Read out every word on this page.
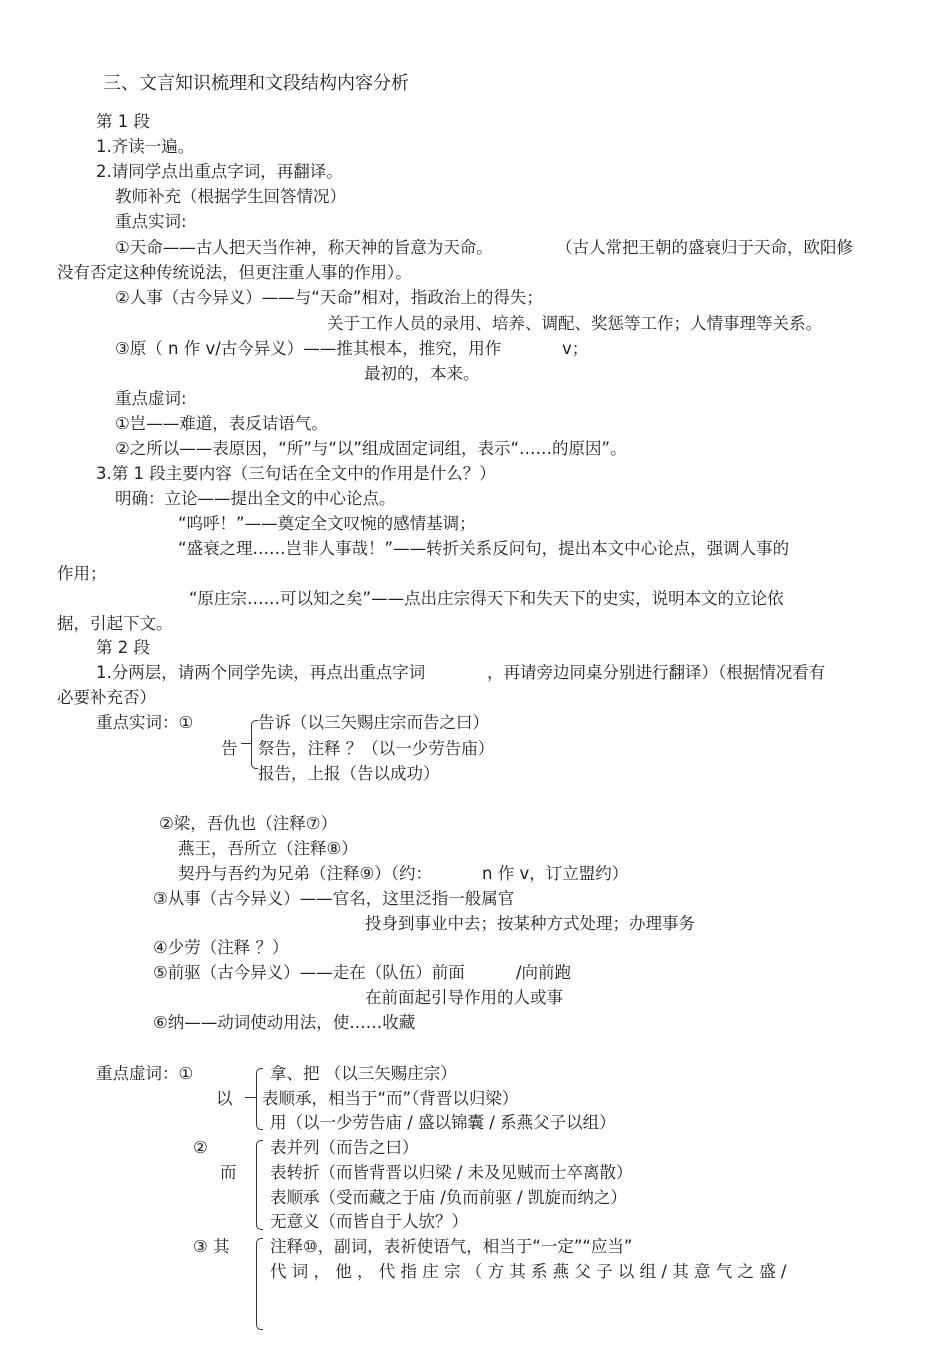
三、文言知识梳理和文段结构内容分析
第 1 段
1.齐读一遍。
2.请同学点出重点字词，再翻译。
教师补充（根据学生回答情况）
重点实词:
①天命——古人把天当作神，称天神的旨意为天命。	（古人常把王朝的盛衰归于天命，欧阳修
没有否定这种传统说法，但更注重人事的作用）。
②人事（古今异义）——与“天命”相对，指政治上的得失；
关于工作人员的录用、培养、调配、奖惩等工作；人情事理等关系。
③原（ n 作 v/古今异义）——推其根本，推究，用作	v；
最初的，本来。
重点虚词:
①岂——难道，表反诘语气。
②之所以——表原因，“所”与“以”组成固定词组，表示“……的原因”。
3.第 1 段主要内容（三句话在全文中的作用是什么？）
明确：立论——提出全文的中心论点。
“呜呼！”——奠定全文叹惋的感情基调；
“盛衰之理……岂非人事哉！”——转折关系反问句，提出本文中心论点，强调人事的
作用；
“原庄宗……可以知之矣”——点出庄宗得天下和失天下的史实，说明本文的立论依
据，引起下文。
第 2 段
1.分两层，请两个同学先读，再点出重点字词	，再请旁边同桌分别进行翻译）（根据情况看有
必要补充否）
重点实词：①
告
告诉（以三矢赐庄宗而告之曰）
祭告，注释 ？（以一少劳告庙）
报告，上报（告以成功）
②梁，吾仇也（注释⑦）
燕王，吾所立（注释⑧）
契丹与吾约为兄弟（注释⑨）（约：	n 作 v，订立盟约）
③从事（古今异义）——官名，这里泛指一般属官
投身到事业中去；按某种方式处理；办理事务
④少劳（注释 ？）
⑤前驱（古今异义）——走在（队伍）前面	/向前跑
在前面起引导作用的人或事
⑥纳——动词使动用法，使……收藏
重点虚词：①
以
拿、把 （以三矢赐庄宗）
表顺承，相当于“而”（背晋以归梁）
用（以一少劳告庙 / 盛以锦囊 / 系燕父子以组）
②
而
表并列（而告之曰）
表转折（而皆背晋以归梁 / 未及见贼而士卒离散）
表顺承（受而藏之于庙 /负而前驱 / 凯旋而纳之）
无意义（而皆自于人欤？）
③ 其 注释⑩，副词，表祈使语气，相当于“一定”“应当”
代 词 ， 他 ， 代 指 庄 宗 （ 方 其 系 燕 父 子 以 组 / 其 意 气 之 盛 /
